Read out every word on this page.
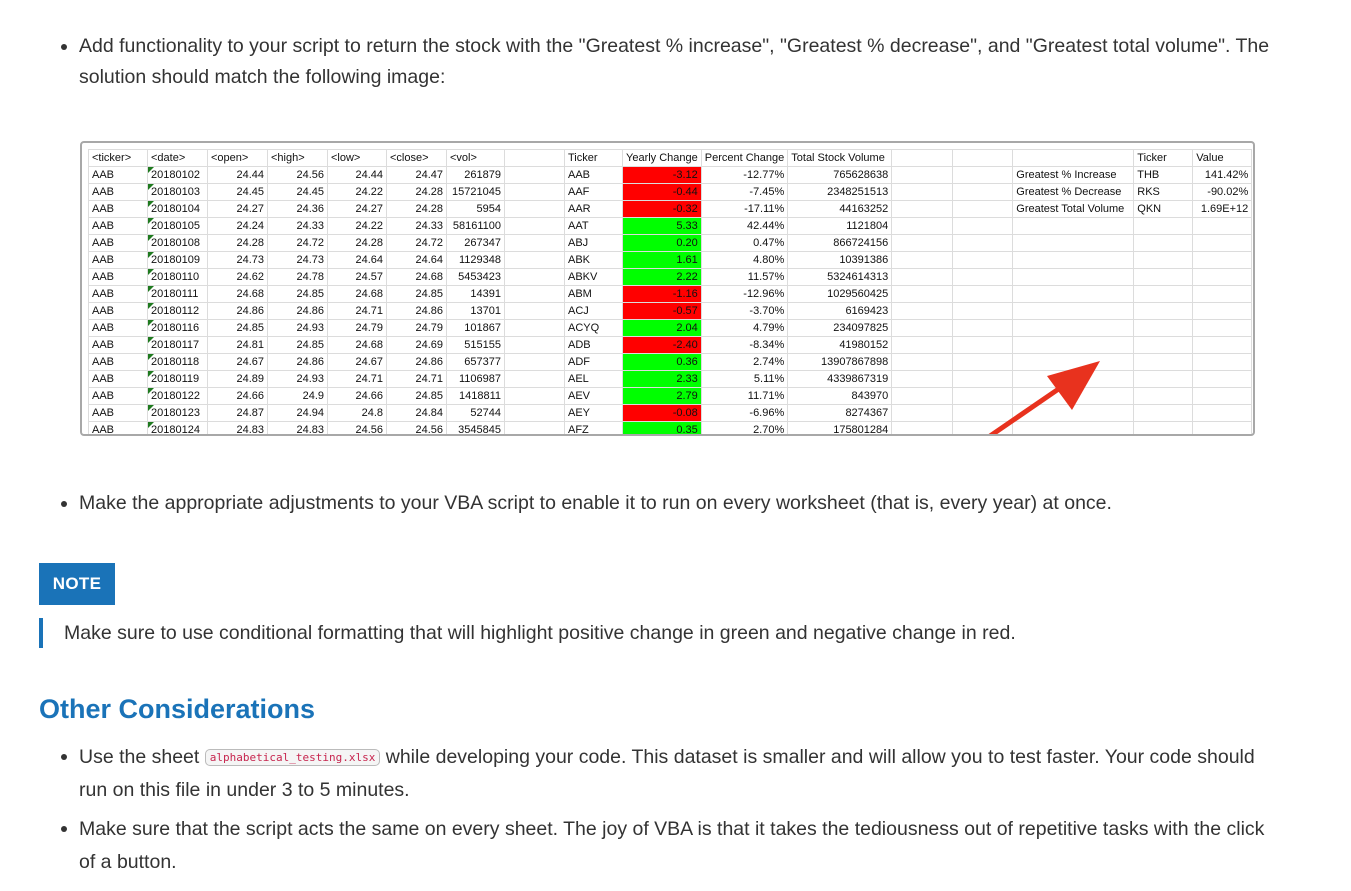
Add functionality to your script to return the stock with the "Greatest % increase", "Greatest % decrease", and "Greatest total volume". The solution should match the following image:
<ticker>	<date>	<open>	<high>	<low>	<close>	<vol>		Ticker	Yearly Change	Percent Change	Total Stock Volume				Ticker	Value
AAB	20180102	24.44	24.56	24.44	24.47	261879		AAB	-3.12	-12.77%	765628638			Greatest % Increase	THB	141.42%
AAB	20180103	24.45	24.45	24.22	24.28	15721045		AAF	-0.44	-7.45%	2348251513			Greatest % Decrease	RKS	-90.02%
AAB	20180104	24.27	24.36	24.27	24.28	5954		AAR	-0.32	-17.11%	44163252			Greatest Total Volume	QKN	1.69E+12
AAB	20180105	24.24	24.33	24.22	24.33	58161100		AAT	5.33	42.44%	1121804					
AAB	20180108	24.28	24.72	24.28	24.72	267347		ABJ	0.20	0.47%	866724156					
AAB	20180109	24.73	24.73	24.64	24.64	1129348		ABK	1.61	4.80%	10391386					
AAB	20180110	24.62	24.78	24.57	24.68	5453423		ABKV	2.22	11.57%	5324614313					
AAB	20180111	24.68	24.85	24.68	24.85	14391		ABM	-1.16	-12.96%	1029560425					
AAB	20180112	24.86	24.86	24.71	24.86	13701		ACJ	-0.57	-3.70%	6169423					
AAB	20180116	24.85	24.93	24.79	24.79	101867		ACYQ	2.04	4.79%	234097825					
AAB	20180117	24.81	24.85	24.68	24.69	515155		ADB	-2.40	-8.34%	41980152					
AAB	20180118	24.67	24.86	24.67	24.86	657377		ADF	0.36	2.74%	13907867898					
AAB	20180119	24.89	24.93	24.71	24.71	1106987		AEL	2.33	5.11%	4339867319					
AAB	20180122	24.66	24.9	24.66	24.85	1418811		AEV	2.79	11.71%	843970					
AAB	20180123	24.87	24.94	24.8	24.84	52744		AEY	-0.08	-6.96%	8274367					
AAB	20180124	24.83	24.83	24.56	24.56	3545845		AFZ	0.35	2.70%	175801284					
Make the appropriate adjustments to your VBA script to enable it to run on every worksheet (that is, every year) at once.
NOTE
Make sure to use conditional formatting that will highlight positive change in green and negative change in red.
Other Considerations
Use the sheet alphabetical_testing.xlsx while developing your code. This dataset is smaller and will allow you to test faster. Your code should run on this file in under 3 to 5 minutes.
Make sure that the script acts the same on every sheet. The joy of VBA is that it takes the tediousness out of repetitive tasks with the click of a button.
